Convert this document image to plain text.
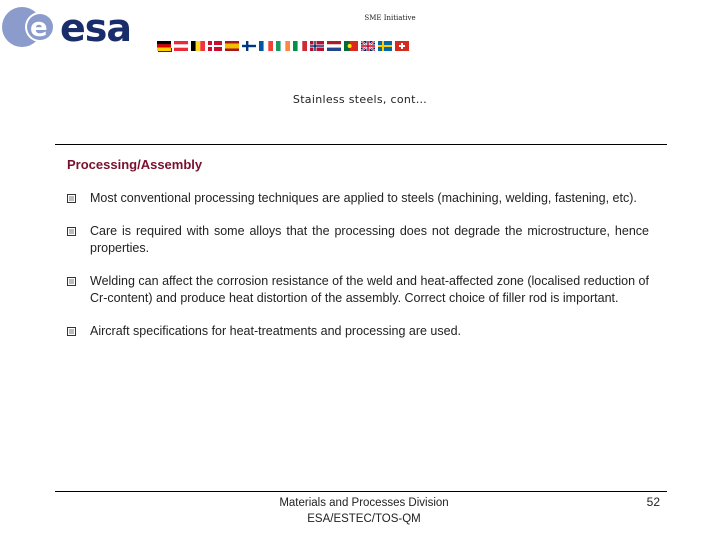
e esa	SME Initiative
Stainless steels, cont…
Processing/Assembly
Most conventional processing techniques are applied to steels (machining, welding, fastening, etc).
Care is required with some alloys that the processing does not degrade the microstructure, hence properties.
Welding can affect the corrosion resistance of the weld and heat-affected zone (localised reduction of Cr-content) and produce heat distortion of the assembly. Correct choice of filler rod is important.
Aircraft specifications for heat-treatments and processing are used.
Materials and Processes Division
ESA/ESTEC/TOS-QM
52
